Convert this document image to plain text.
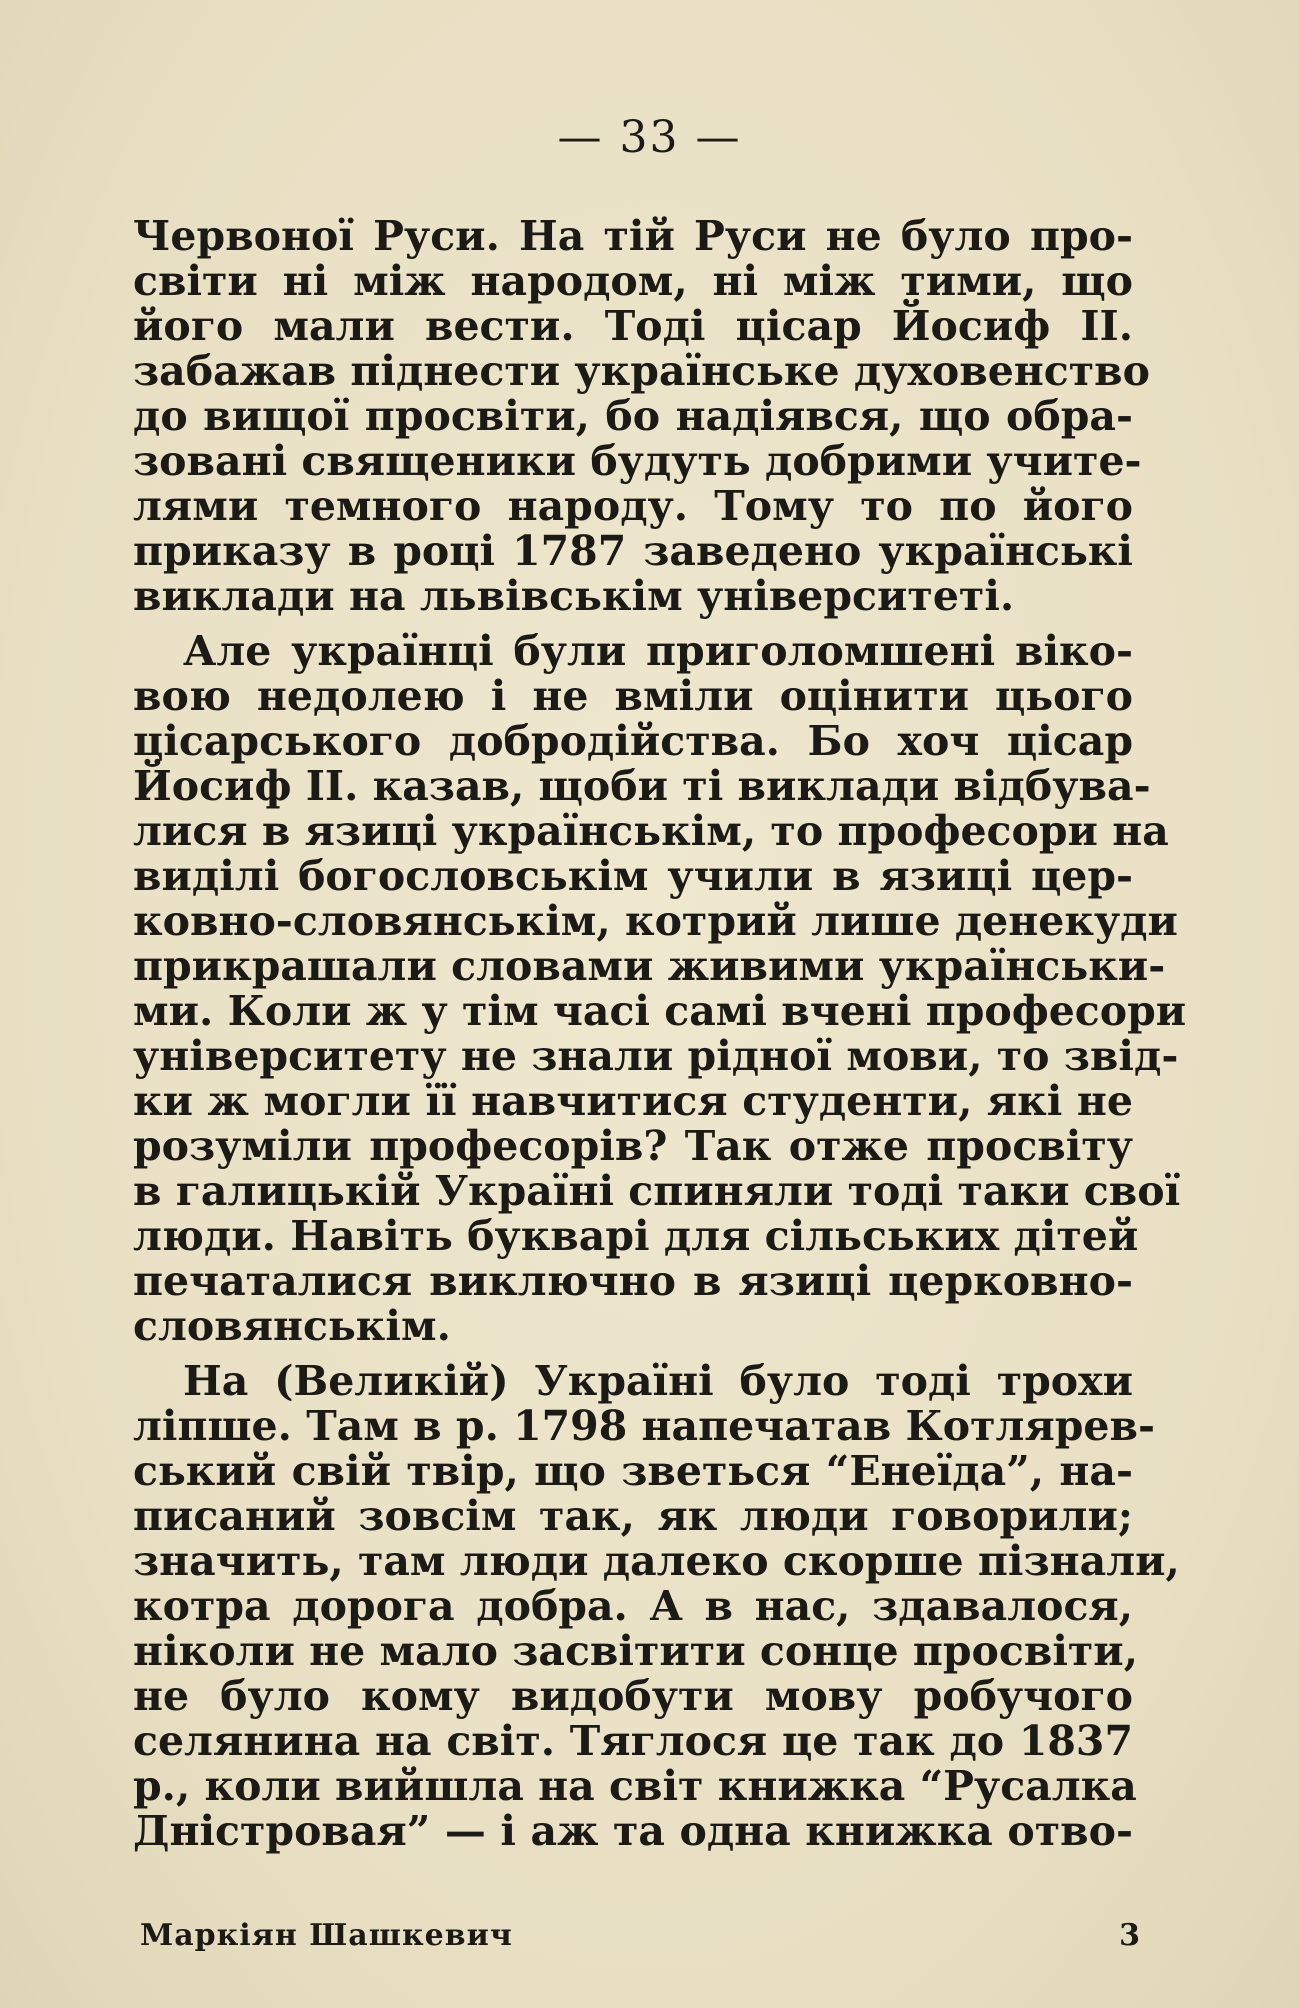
— 33 —
Червоної Руси. На тій Руси не було про-
світи ні між народом, ні між тими, що
його мали вести. Тоді цісар Йосиф II.
забажав піднести українське духовенство
до вищої просвіти, бо надіявся, що обра-
зовані священики будуть добрими учите-
лями темного народу. Тому то по його
приказу в році 1787 заведено українські
виклади на львівськім університеті.
Але українці були приголомшені віко-
вою недолею і не вміли оцінити цього
цісарського добродійства. Бо хоч цісар
Йосиф II. казав, щоби ті виклади відбува-
лися в язиці українськім, то професори на
виділі богословськім учили в язиці цер-
ковно-словянськім, котрий лише денекуди
прикрашали словами живими українськи-
ми. Коли ж у тім часі самі вчені професори
університету не знали рідної мови, то звід-
ки ж могли її навчитися студенти, які не
розуміли професорів? Так отже просвіту
в галицькій Україні спиняли тоді таки свої
люди. Навіть букварі для сільських дітей
печаталися виключно в язиці церковно-
словянськім.
На (Великій) Україні було тоді трохи
ліпше. Там в р. 1798 напечатав Котлярев-
ський свій твір, що зветься “Енеїда”, на-
писаний зовсім так, як люди говорили;
значить, там люди далеко скорше пізнали,
котра дорога добра. А в нас, здавалося,
ніколи не мало засвітити сонце просвіти,
не було кому видобути мову робучого
селянина на світ. Тяглося це так до 1837
р., коли вийшла на світ книжка “Русалка
Дністровая” — і аж та одна книжка отво-
Маркіян Шашкевич	3
